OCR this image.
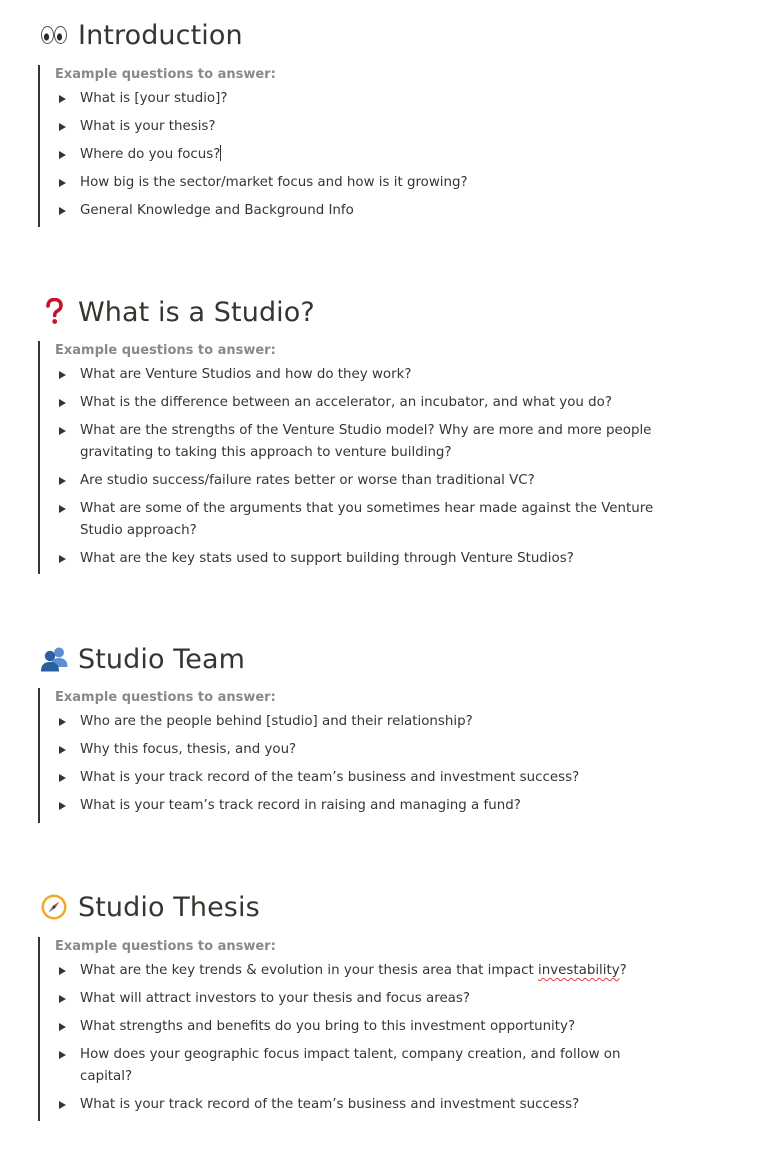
Introduction
Example questions to answer:
What is [your studio]?
What is your thesis?
Where do you focus?
How big is the sector/market focus and how is it growing?
General Knowledge and Background Info
What is a Studio?
Example questions to answer:
What are Venture Studios and how do they work?
What is the difference between an accelerator, an incubator, and what you do?
What are the strengths of the Venture Studio model? Why are more and more people gravitating to taking this approach to venture building?
Are studio success/failure rates better or worse than traditional VC?
What are some of the arguments that you sometimes hear made against the Venture Studio approach?
What are the key stats used to support building through Venture Studios?
Studio Team
Example questions to answer:
Who are the people behind [studio] and their relationship?
Why this focus, thesis, and you?
What is your track record of the team’s business and investment success?
What is your team’s track record in raising and managing a fund?
Studio Thesis
Example questions to answer:
What are the key trends & evolution in your thesis area that impact investability?
What will attract investors to your thesis and focus areas?
What strengths and benefits do you bring to this investment opportunity?
How does your geographic focus impact talent, company creation, and follow on capital?
What is your track record of the team’s business and investment success?
